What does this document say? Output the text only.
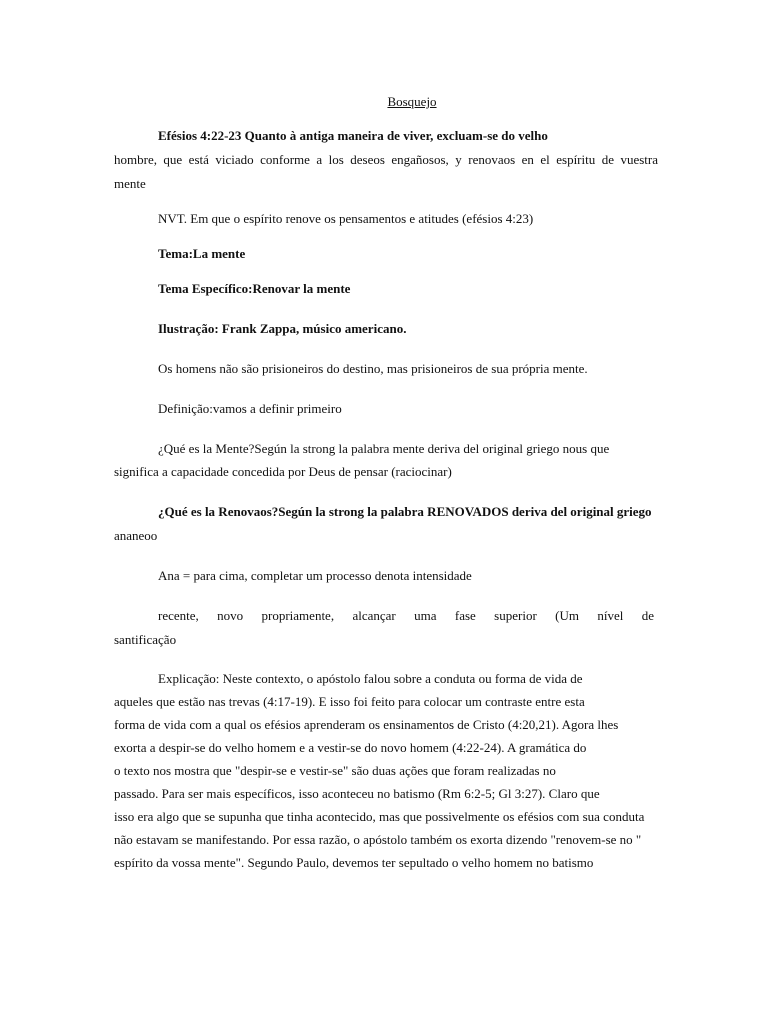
Bosquejo
Efésios 4:22-23 Quanto à antiga maneira de viver, excluam-se do velho
hombre, que está viciado conforme a los deseos engañosos, y renovaos en el espíritu de vuestra
mente
NVT. Em que o espírito renove os pensamentos e atitudes (efésios 4:23)
Tema:La mente
Tema Específico:Renovar la mente
Ilustração: Frank Zappa, músico americano.
Os homens não são prisioneiros do destino, mas prisioneiros de sua própria mente.
Definição:vamos a definir primeiro
¿Qué es la Mente?Según la strong la palabra mente deriva del original griego nous que
significa a capacidade concedida por Deus de pensar (raciocinar)
¿Qué es la Renovaos?Según la strong la palabra RENOVADOS deriva del original griego
ananeoo
Ana = para cima, completar um processo denota intensidade
recente, novo propriamente, alcançar uma fase superior (Um nível de
santificação
Explicação: Neste contexto, o apóstolo falou sobre a conduta ou forma de vida de
aqueles que estão nas trevas (4:17-19). E isso foi feito para colocar um contraste entre esta
forma de vida com a qual os efésios aprenderam os ensinamentos de Cristo (4:20,21). Agora lhes
exorta a despir-se do velho homem e a vestir-se do novo homem (4:22-24). A gramática do
o texto nos mostra que "despir-se e vestir-se" são duas ações que foram realizadas no
passado. Para ser mais específicos, isso aconteceu no batismo (Rm 6:2-5; Gl 3:27). Claro que
isso era algo que se supunha que tinha acontecido, mas que possivelmente os efésios com sua conduta
não estavam se manifestando. Por essa razão, o apóstolo também os exorta dizendo "renovem-se no "
espírito da vossa mente". Segundo Paulo, devemos ter sepultado o velho homem no batismo
